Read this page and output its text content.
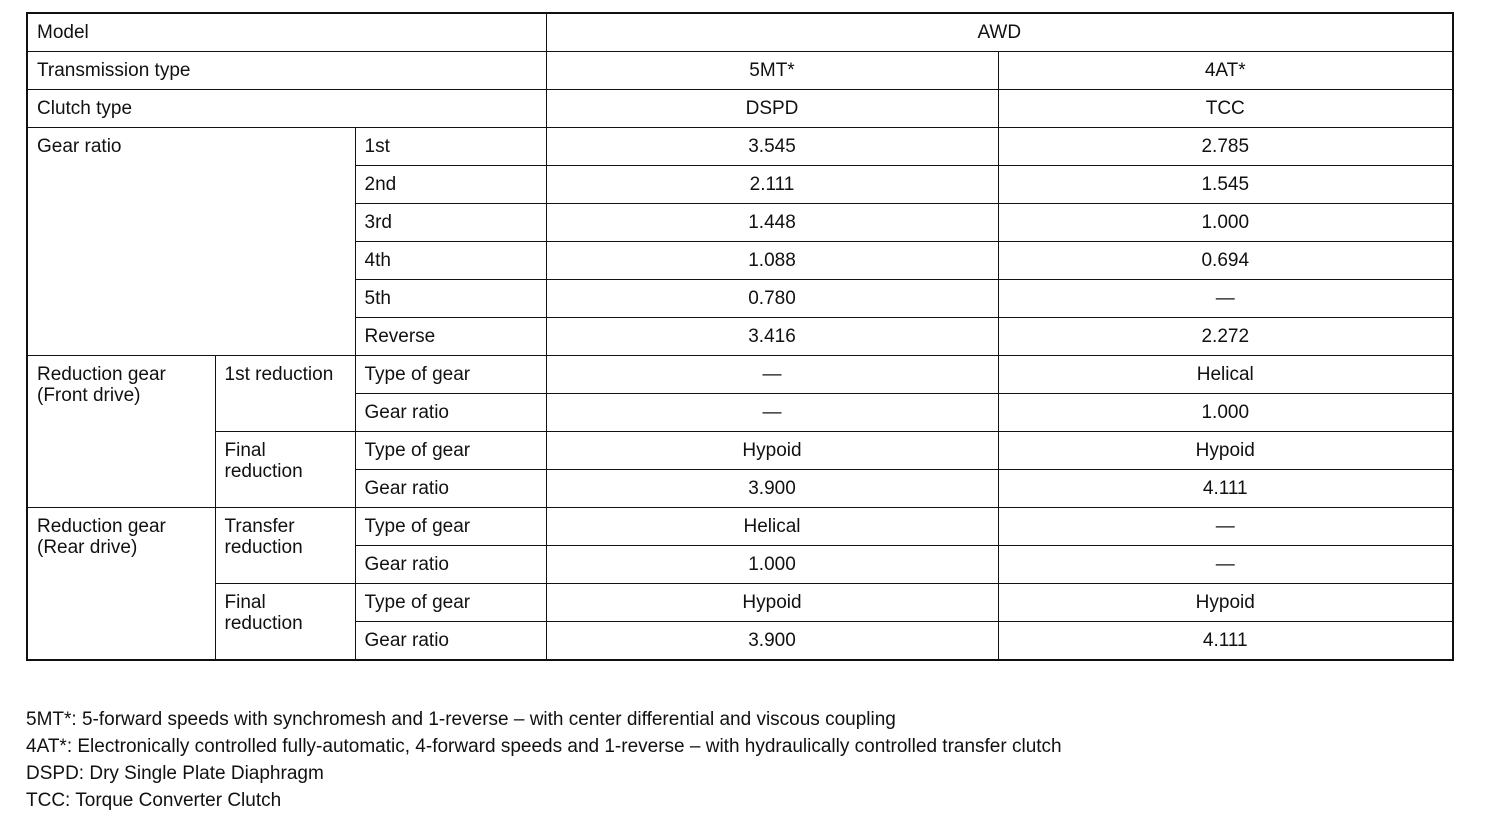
Model			AWD	
Transmission type			5MT*	4AT*
Clutch type			DSPD	TCC
Gear ratio		1st	3.545	2.785
		2nd	2.111	1.545
		3rd	1.448	1.000
		4th	1.088	0.694
		5th	0.780	—
		Reverse	3.416	2.272
Reduction gear (Front drive)	1st reduction	Type of gear	—	Helical
		Gear ratio	—	1.000
	Final reduction	Type of gear	Hypoid	Hypoid
		Gear ratio	3.900	4.111
Reduction gear (Rear drive)	Transfer reduction	Type of gear	Helical	—
		Gear ratio	1.000	—
	Final reduction	Type of gear	Hypoid	Hypoid
		Gear ratio	3.900	4.111
5MT*: 5-forward speeds with synchromesh and 1-reverse – with center differential and viscous coupling
4AT*: Electronically controlled fully-automatic, 4-forward speeds and 1-reverse – with hydraulically controlled transfer clutch
DSPD: Dry Single Plate Diaphragm
TCC: Torque Converter Clutch
